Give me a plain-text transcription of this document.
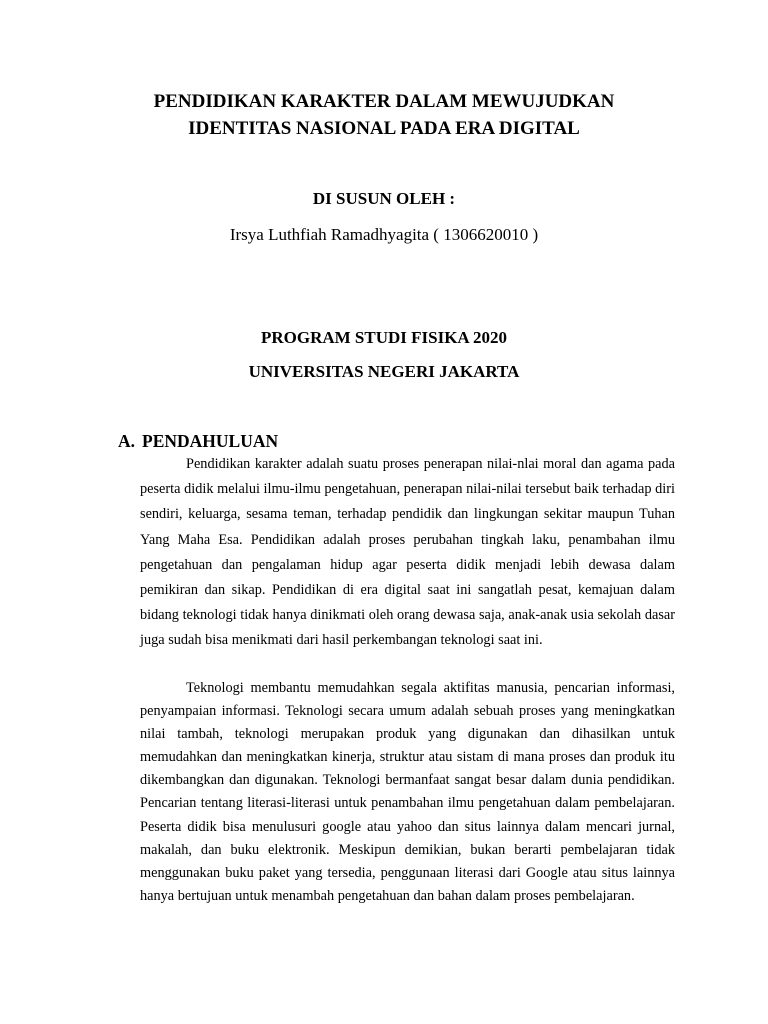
PENDIDIKAN KARAKTER DALAM MEWUJUDKAN IDENTITAS NASIONAL PADA ERA DIGITAL

DI SUSUN OLEH :

Irsya Luthfiah Ramadhyagita ( 1306620010 )

PROGRAM STUDI FISIKA 2020

UNIVERSITAS NEGERI JAKARTA

A. PENDAHULUAN

Pendidikan karakter adalah suatu proses penerapan nilai-nlai moral dan agama pada peserta didik melalui ilmu-ilmu pengetahuan, penerapan nilai-nilai tersebut baik terhadap diri sendiri, keluarga, sesama teman, terhadap pendidik dan lingkungan sekitar maupun Tuhan Yang Maha Esa. Pendidikan adalah proses perubahan tingkah laku, penambahan ilmu pengetahuan dan pengalaman hidup agar peserta didik menjadi lebih dewasa dalam pemikiran dan sikap. Pendidikan di era digital saat ini sangatlah pesat, kemajuan dalam bidang teknologi tidak hanya dinikmati oleh orang dewasa saja, anak-anak usia sekolah dasar juga sudah bisa menikmati dari hasil perkembangan teknologi saat ini.

Teknologi membantu memudahkan segala aktifitas manusia, pencarian informasi, penyampaian informasi. Teknologi secara umum adalah sebuah proses yang meningkatkan nilai tambah, teknologi merupakan produk yang digunakan dan dihasilkan untuk memudahkan dan meningkatkan kinerja, struktur atau sistam di mana proses dan produk itu dikembangkan dan digunakan. Teknologi bermanfaat sangat besar dalam dunia pendidikan. Pencarian tentang literasi-literasi untuk penambahan ilmu pengetahuan dalam pembelajaran. Peserta didik bisa menulusuri google atau yahoo dan situs lainnya dalam mencari jurnal, makalah, dan buku elektronik. Meskipun demikian, bukan berarti pembelajaran tidak menggunakan buku paket yang tersedia, penggunaan literasi dari Google atau situs lainnya hanya bertujuan untuk menambah pengetahuan dan bahan dalam proses pembelajaran.
